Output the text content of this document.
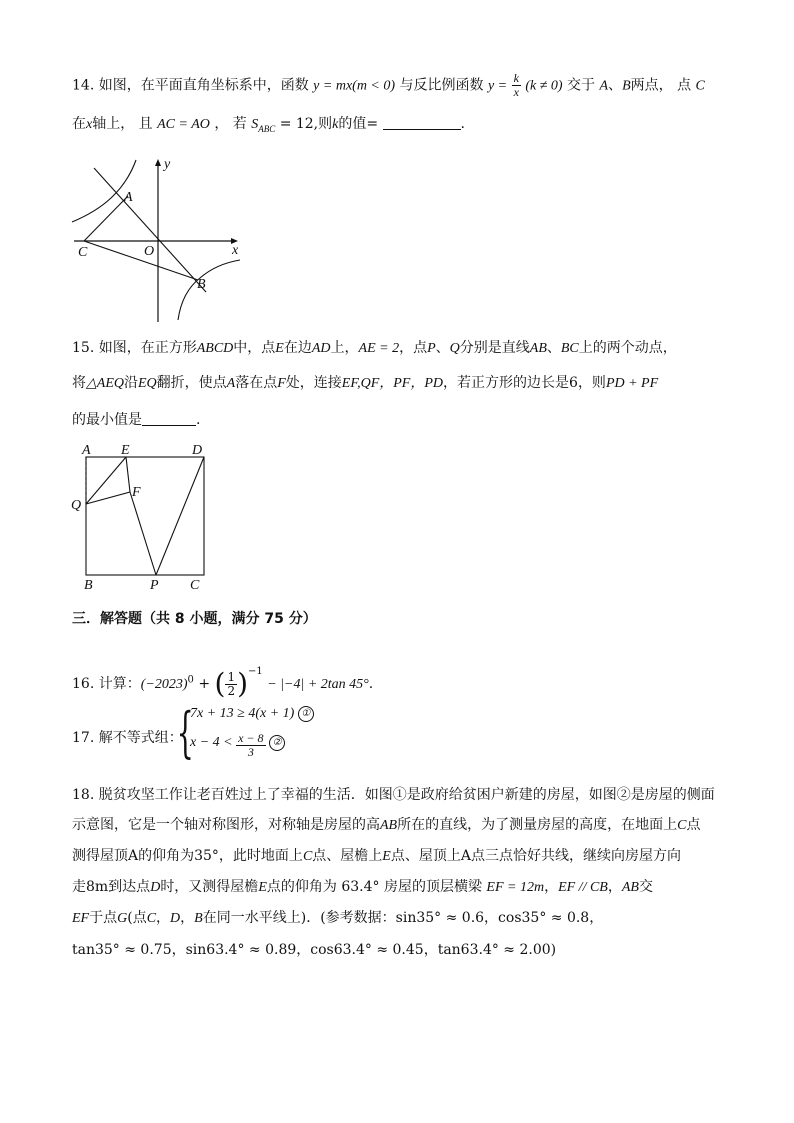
14. 如图，在平面直角坐标系中，函数 y = mx(m < 0) 与反比例函数 $y = \frac{k}{x} (k \ne 0)$ 交于 A、B两点， 点 C
在x轴上， 且 AC = AO ， 若 $S_{ABC} = 12$,则k的值=	.
y
x
O
A
B
C
15. 如图，在正方形ABCD中，点E在边AD上，AE = 2，点P、Q分别是直线AB、BC上的两个动点，
将△AEQ沿EQ翻折，使点A落在点F处，连接EF,QF，PF，PD，若正方形的边长是6，则PD + PF
的最小值是	.
A E	D
F
Q
B	P C
三．解答题（共 8 小题，满分 75 分）
16. 计算：$(-2023)^0$ + ( $\frac{1}{2} )^{-1} - |-4| + 2\tan$ 45°.
17. 解不等式组：
{
7x + 13 ≥ 4(x + 1) ①
$x - 4 < \frac{x - 8}{3}$ ②
18. 脱贫攻坚工作让老百姓过上了幸福的生活．如图①是政府给贫困户新建的房屋，如图②是房屋的侧面
示意图，它是一个轴对称图形，对称轴是房屋的高AB所在的直线，为了测量房屋的高度，在地面上C点
测得屋顶A的仰角为35°，此时地面上C点、屋檐上E点、屋顶上A点三点恰好共线，继续向房屋方向
走8m到达点D时，又测得屋檐E点的仰角为 63.4° 房屋的顶层横梁 EF = 12m，EF // CB，AB交
EF于点G(点C，D，B在同一水平线上)．(参考数据：sin35° ≈ 0.6，cos35° ≈ 0.8，
tan35° ≈ 0.75，sin63.4° ≈ 0.89，cos63.4° ≈ 0.45，tan63.4° ≈ 2.00)
